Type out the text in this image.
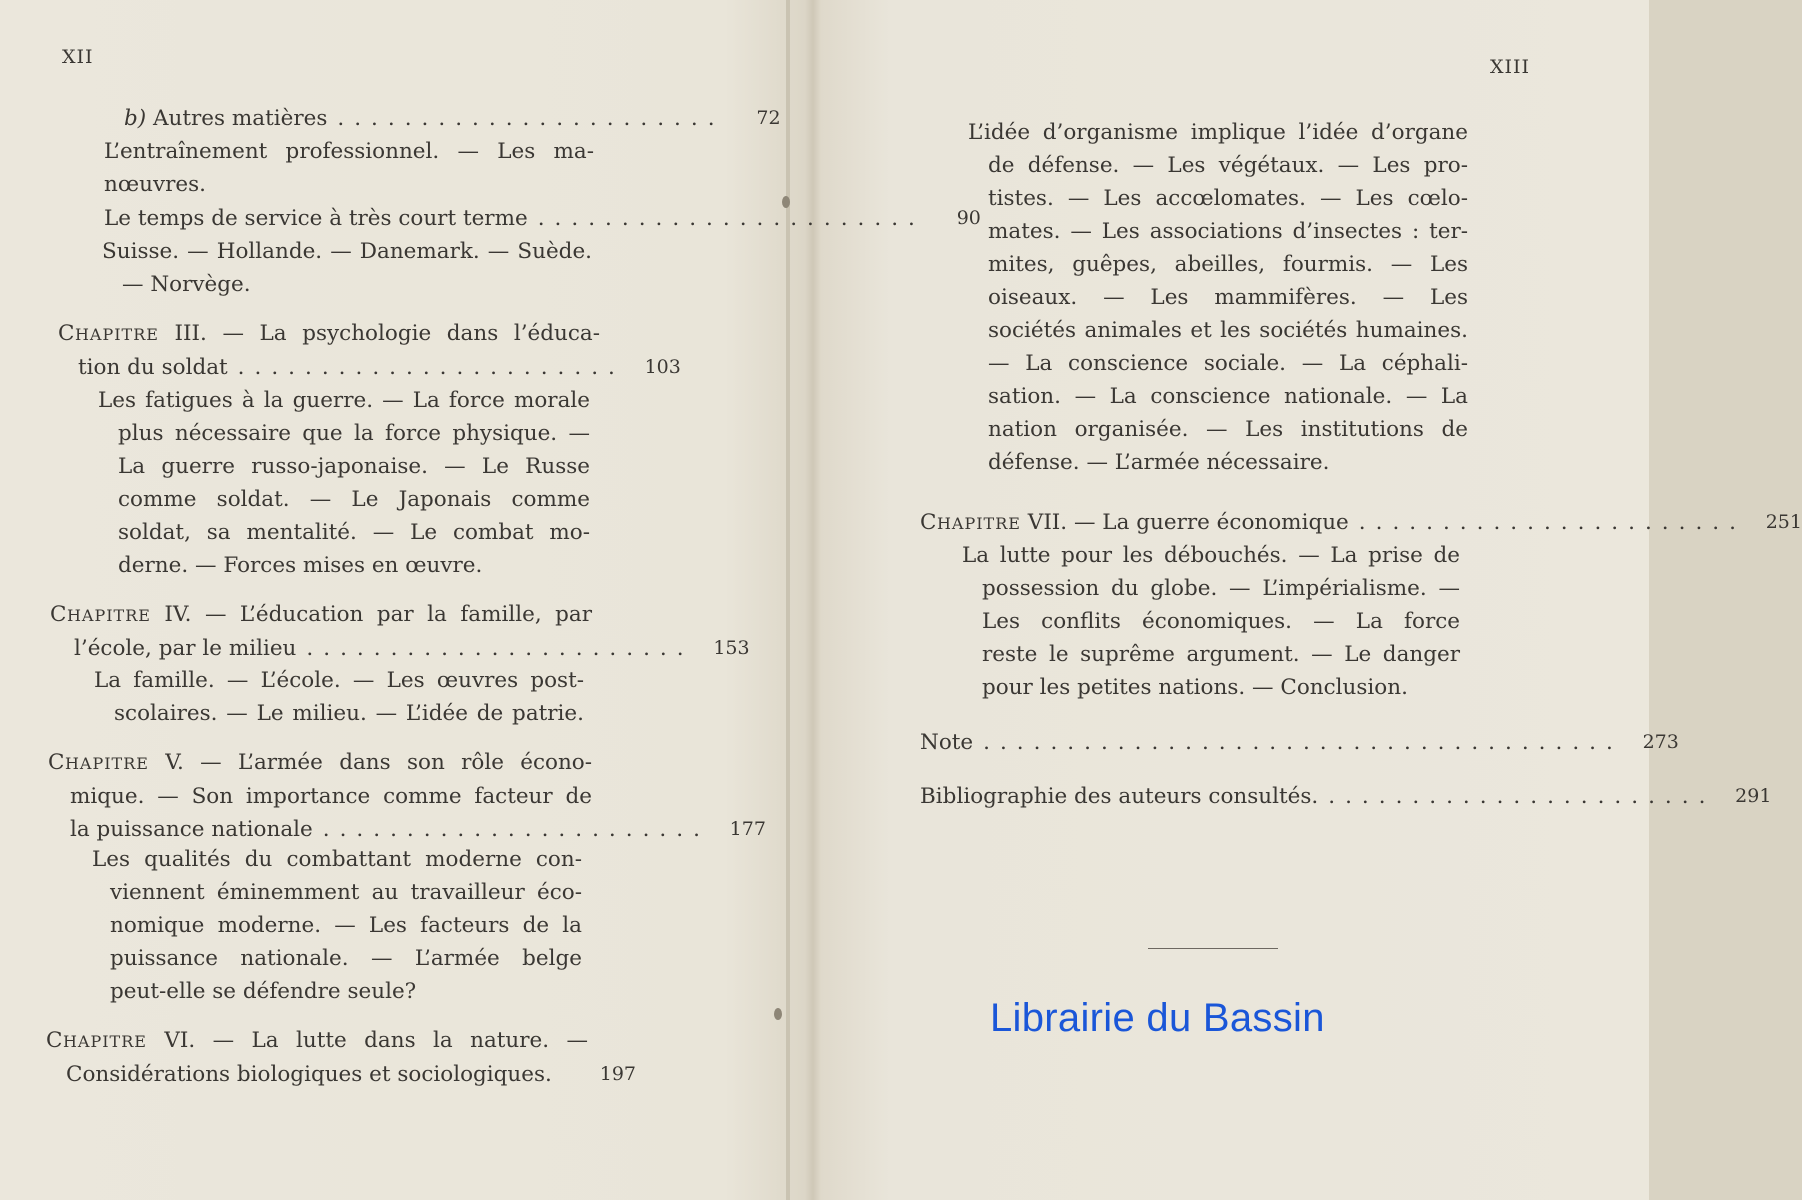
XII
b) Autres matières .......................	72
L’entraînement professionnel. — Les ma-
nœuvres.
Le temps de service à très court terme .......................	90
Suisse. — Hollande. — Danemark. — Suède.
— Norvège.
CHAPITRE III. — La psychologie dans l’éduca-
tion du soldat .......................	103
Les fatigues à la guerre. — La force morale
plus nécessaire que la force physique. —
La guerre russo-japonaise. — Le Russe
comme soldat. — Le Japonais comme
soldat, sa mentalité. — Le combat mo-
derne. — Forces mises en œuvre.
CHAPITRE IV. — L’éducation par la famille, par
l’école, par le milieu .......................	153
La famille. — L’école. — Les œuvres post-
scolaires. — Le milieu. — L’idée de patrie.
CHAPITRE V. — L’armée dans son rôle écono-
mique. — Son importance comme facteur de
la puissance nationale .......................	177
Les qualités du combattant moderne con-
viennent éminemment au travailleur éco-
nomique moderne. — Les facteurs de la
puissance nationale. — L’armée belge
peut-elle se défendre seule?
CHAPITRE VI. — La lutte dans la nature. —
Considérations biologiques et sociologiques.	197
XIII
L’idée d’organisme implique l’idée d’organe
de défense. — Les végétaux. — Les pro-
tistes. — Les accœlomates. — Les cœlo-
mates. — Les associations d’insectes : ter-
mites, guêpes, abeilles, fourmis. — Les
oiseaux. — Les mammifères. — Les
sociétés animales et les sociétés humaines.
— La conscience sociale. — La céphali-
sation. — La conscience nationale. — La
nation organisée. — Les institutions de
défense. — L’armée nécessaire.
CHAPITRE VII. — La guerre économique .......................	251
La lutte pour les débouchés. — La prise de
possession du globe. — L’impérialisme. —
Les conflits économiques. — La force
reste le suprême argument. — Le danger
pour les petites nations. — Conclusion.
Note ......................................	273
Bibliographie des auteurs consultés. .......................	291
Librairie du Bassin
